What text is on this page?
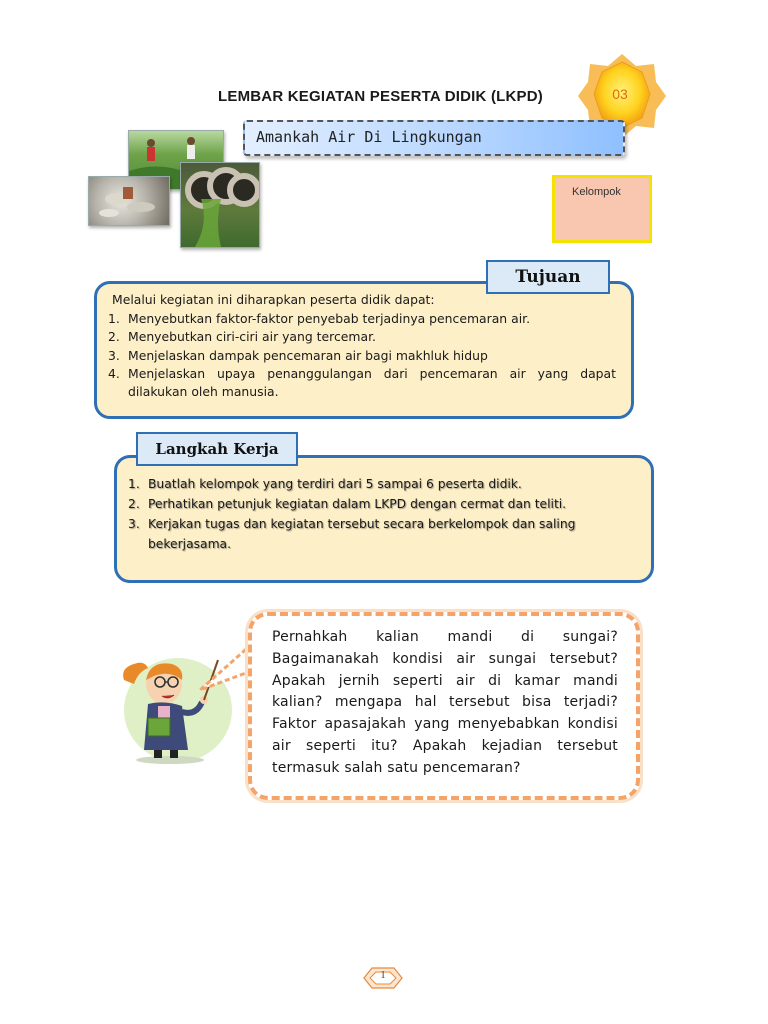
LEMBAR KEGIATAN PESERTA DIDIK (LKPD)	03
Amankah Air Di Lingkungan
Kelompok
Tujuan
Melalui kegiatan ini diharapkan peserta didik dapat:
1. Menyebutkan faktor-faktor penyebab terjadinya pencemaran air.
2. Menyebutkan ciri-ciri air yang tercemar.
3. Menjelaskan dampak pencemaran air bagi makhluk hidup
4. Menjelaskan upaya penanggulangan dari pencemaran air yang dapat dilakukan oleh manusia.
Langkah Kerja
1. Buatlah kelompok yang terdiri dari 5 sampai 6 peserta didik.
2. Perhatikan petunjuk kegiatan dalam LKPD dengan cermat dan teliti.
3. Kerjakan tugas dan kegiatan tersebut secara berkelompok dan saling bekerjasama.
Pernahkah kalian mandi di sungai? Bagaimanakah kondisi air sungai tersebut? Apakah jernih seperti air di kamar mandi kalian? mengapa hal tersebut bisa terjadi? Faktor apasajakah yang menyebabkan kondisi air seperti itu? Apakah kejadian tersebut termasuk salah satu pencemaran?
1
